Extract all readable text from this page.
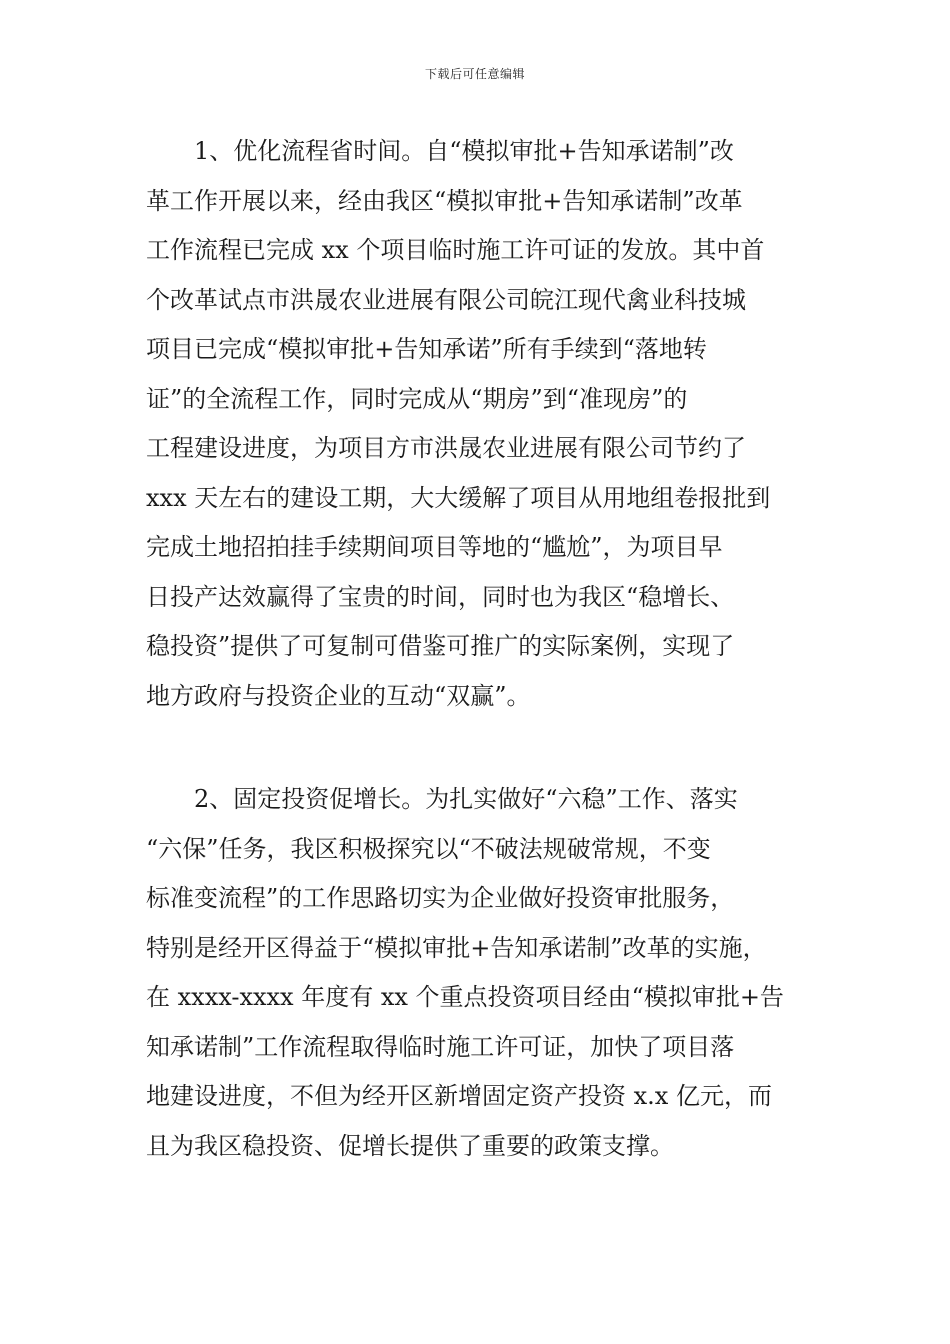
下载后可任意编辑
1、优化流程省时间。自“模拟审批+告知承诺制”改
革工作开展以来，经由我区“模拟审批+告知承诺制”改革
工作流程已完成 xx 个项目临时施工许可证的发放。其中首
个改革试点市洪晟农业进展有限公司皖江现代禽业科技城
项目已完成“模拟审批+告知承诺”所有手续到“落地转
证”的全流程工作，同时完成从“期房”到“准现房”的
工程建设进度，为项目方市洪晟农业进展有限公司节约了
xxx 天左右的建设工期，大大缓解了项目从用地组卷报批到
完成土地招拍挂手续期间项目等地的“尴尬”，为项目早
日投产达效赢得了宝贵的时间，同时也为我区“稳增长、
稳投资”提供了可复制可借鉴可推广的实际案例，实现了
地方政府与投资企业的互动“双赢”。
2、固定投资促增长。为扎实做好“六稳”工作、落实
“六保”任务，我区积极探究以“不破法规破常规，不变
标准变流程”的工作思路切实为企业做好投资审批服务，
特别是经开区得益于“模拟审批+告知承诺制”改革的实施，
在 xxxx-xxxx 年度有 xx 个重点投资项目经由“模拟审批+告
知承诺制”工作流程取得临时施工许可证，加快了项目落
地建设进度，不但为经开区新增固定资产投资 x.x 亿元，而
且为我区稳投资、促增长提供了重要的政策支撑。
